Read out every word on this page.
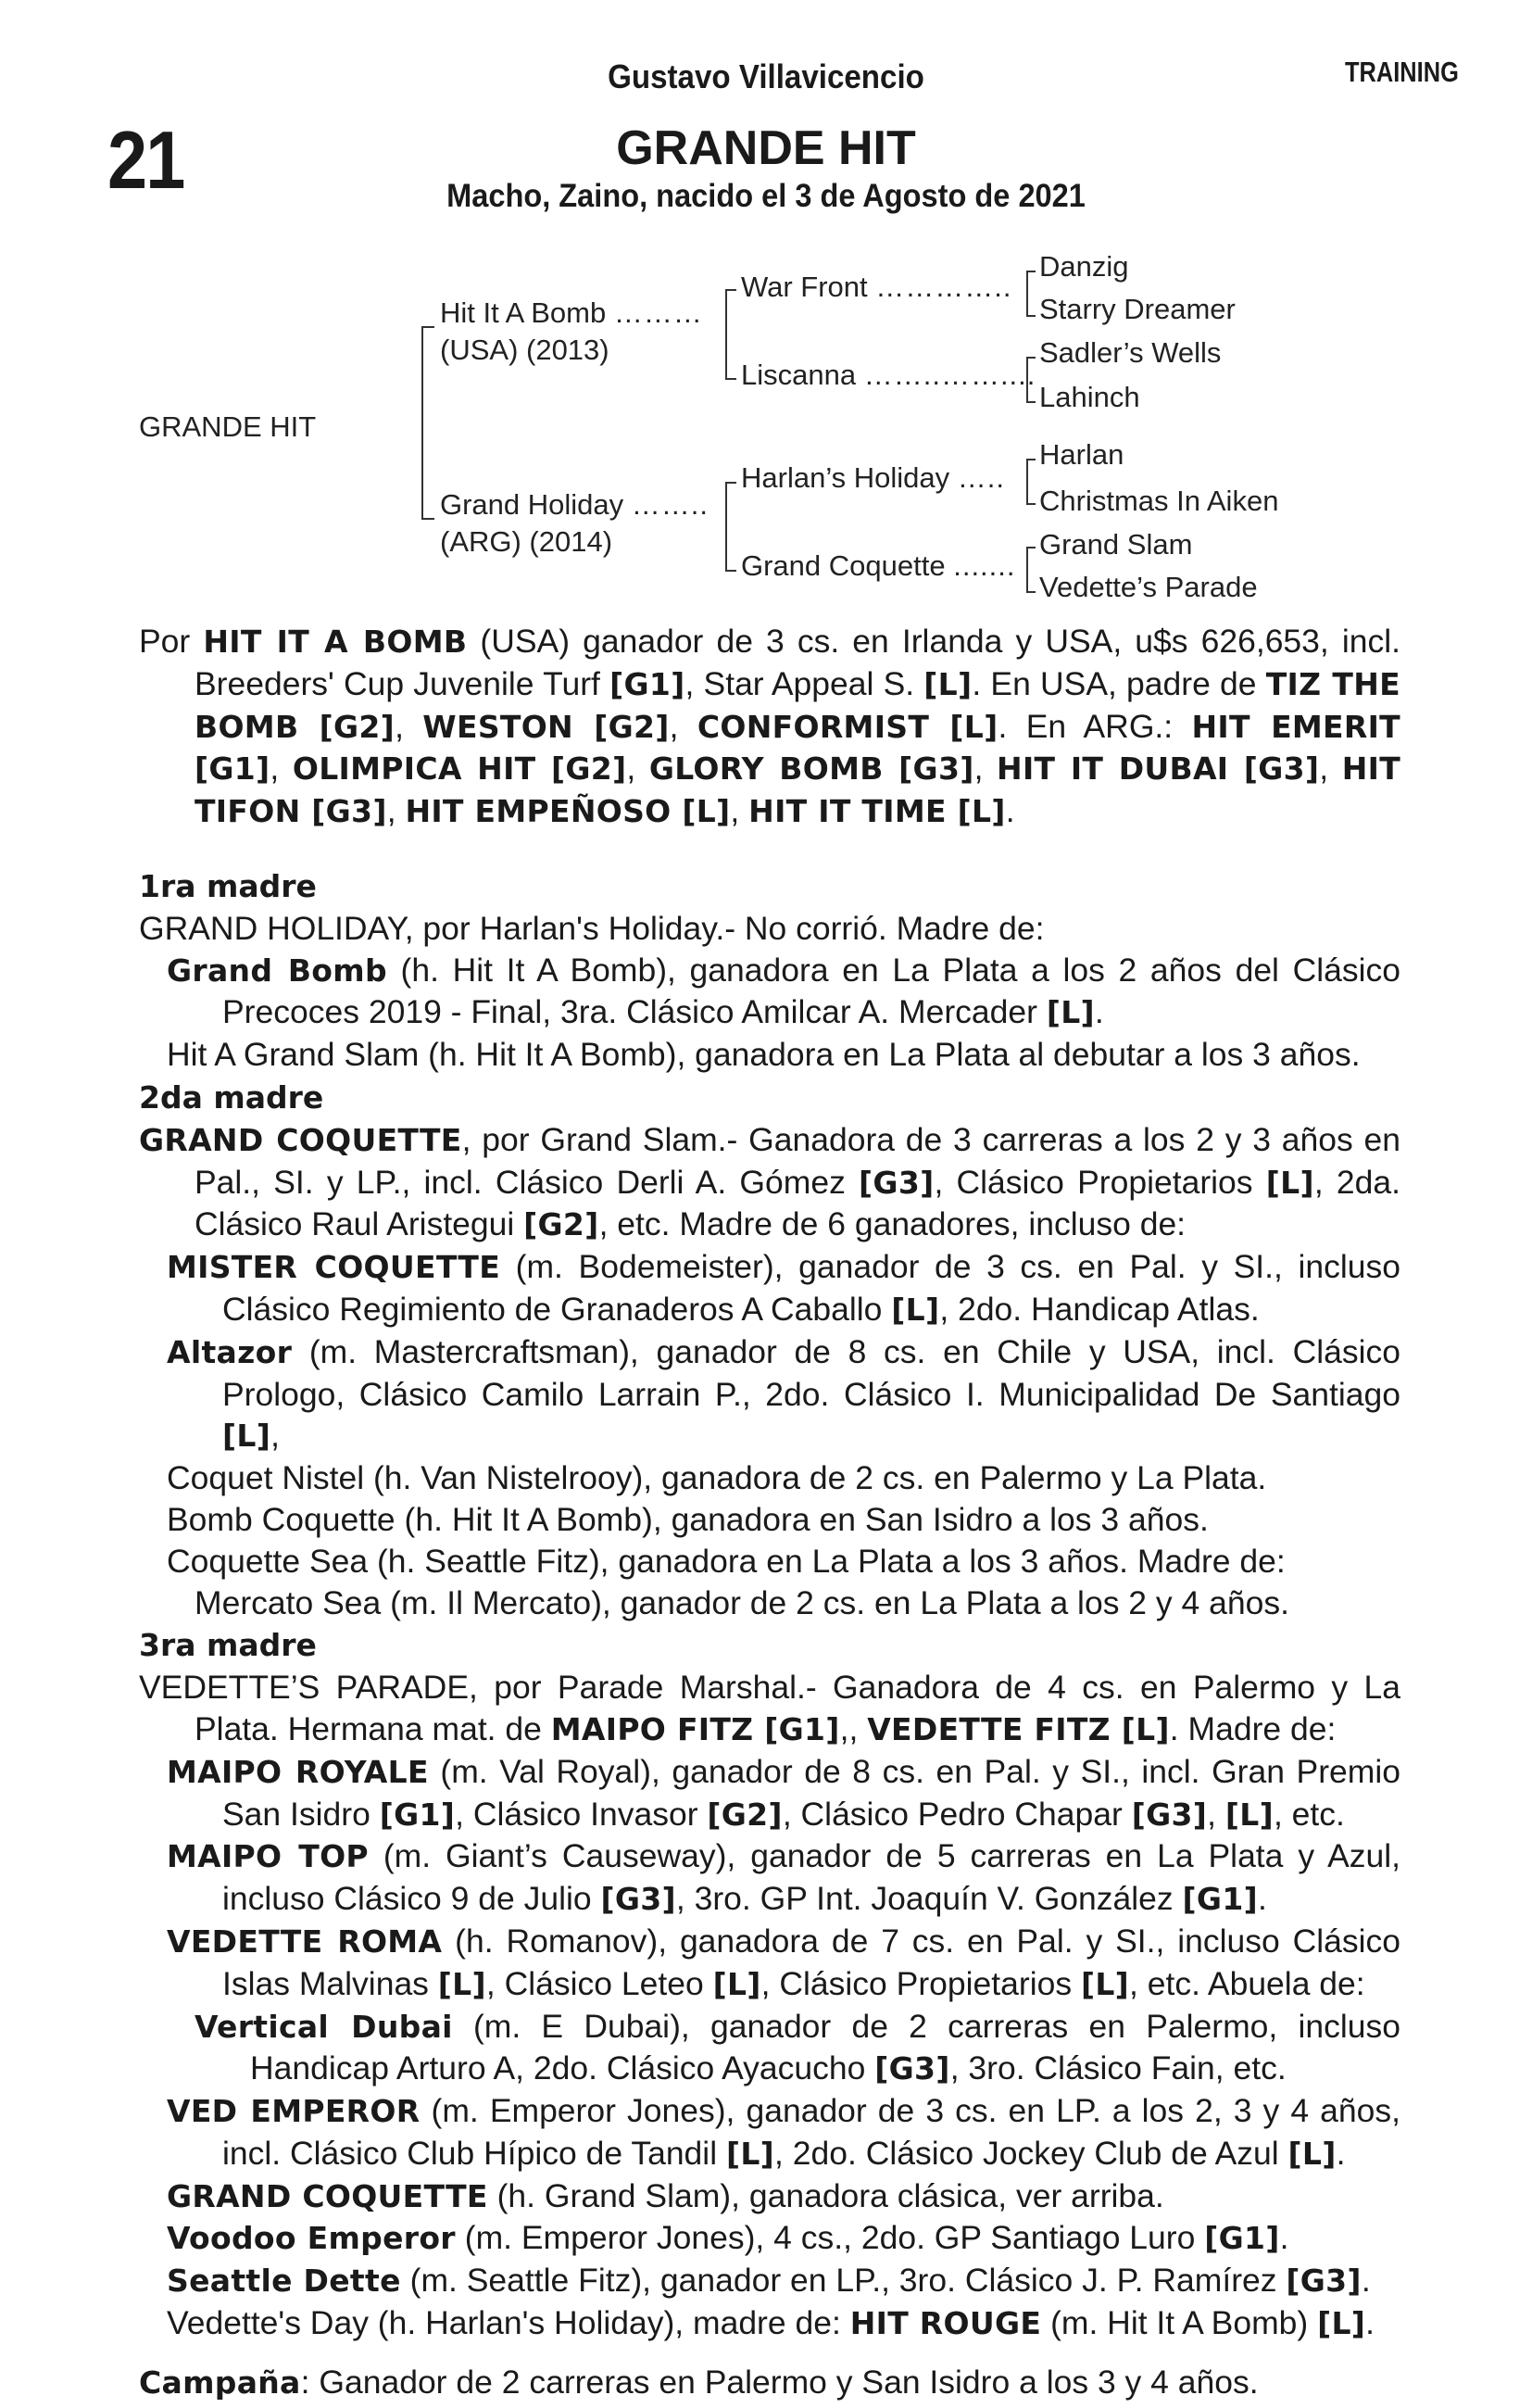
Gustavo Villavicencio	TRAINING
21	GRANDE HIT
Macho, Zaino, nacido el 3 de Agosto de 2021
GRANDE HIT
Hit It A Bomb ………
(USA) (2013)
Grand Holiday ……..
(ARG) (2014)
War Front …………..
Liscanna ……..……....
Harlan’s Holiday …..
Grand Coquette .......
Danzig
Starry Dreamer
Sadler’s Wells
Lahinch
Harlan
Christmas In Aiken
Grand Slam
Vedette’s Parade

Por HIT IT A BOMB (USA) ganador de 3 cs. en Irlanda y USA, u$s 626,653, incl. Breeders' Cup Juvenile Turf [G1], Star Appeal S. [L]. En USA, padre de TIZ THE BOMB [G2], WESTON [G2], CONFORMIST [L]. En ARG.: HIT EMERIT [G1], OLIMPICA HIT [G2], GLORY BOMB [G3], HIT IT DUBAI [G3], HIT TIFON [G3], HIT EMPEÑOSO [L], HIT IT TIME [L].

1ra madre

GRAND HOLIDAY, por Harlan's Holiday.- No corrió. Madre de:

Grand Bomb (h. Hit It A Bomb), ganadora en La Plata a los 2 años del Clásico Precoces 2019 - Final, 3ra. Clásico Amilcar A. Mercader [L].

Hit A Grand Slam (h. Hit It A Bomb), ganadora en La Plata al debutar a los 3 años.

2da madre

GRAND COQUETTE, por Grand Slam.- Ganadora de 3 carreras a los 2 y 3 años en Pal., SI. y LP., incl. Clásico Derli A. Gómez [G3], Clásico Propietarios [L], 2da. Clásico Raul Aristegui [G2], etc. Madre de 6 ganadores, incluso de:

MISTER COQUETTE (m. Bodemeister), ganador de 3 cs. en Pal. y SI., incluso Clásico Regimiento de Granaderos A Caballo [L], 2do. Handicap Atlas.

Altazor (m. Mastercraftsman), ganador de 8 cs. en Chile y USA, incl. Clásico Prologo, Clásico Camilo Larrain P., 2do. Clásico I. Municipalidad De Santiago [L],

Coquet Nistel (h. Van Nistelrooy), ganadora de 2 cs. en Palermo y La Plata.

Bomb Coquette (h. Hit It A Bomb), ganadora en San Isidro a los 3 años.

Coquette Sea (h. Seattle Fitz), ganadora en La Plata a los 3 años. Madre de:

Mercato Sea (m. Il Mercato), ganador de 2 cs. en La Plata a los 2 y 4 años.

3ra madre

VEDETTE’S PARADE, por Parade Marshal.- Ganadora de 4 cs. en Palermo y La Plata. Hermana mat. de MAIPO FITZ [G1],, VEDETTE FITZ [L]. Madre de:

MAIPO ROYALE (m. Val Royal), ganador de 8 cs. en Pal. y SI., incl. Gran Premio San Isidro [G1], Clásico Invasor [G2], Clásico Pedro Chapar [G3], [L], etc.

MAIPO TOP (m. Giant’s Causeway), ganador de 5 carreras en La Plata y Azul, incluso Clásico 9 de Julio [G3], 3ro. GP Int. Joaquín V. González [G1].

VEDETTE ROMA (h. Romanov), ganadora de 7 cs. en Pal. y SI., incluso Clásico Islas Malvinas [L], Clásico Leteo [L], Clásico Propietarios [L], etc. Abuela de:

Vertical Dubai (m. E Dubai), ganador de 2 carreras en Palermo, incluso Handicap Arturo A, 2do. Clásico Ayacucho [G3], 3ro. Clásico Fain, etc.

VED EMPEROR (m. Emperor Jones), ganador de 3 cs. en LP. a los 2, 3 y 4 años, incl. Clásico Club Hípico de Tandil [L], 2do. Clásico Jockey Club de Azul [L].

GRAND COQUETTE (h. Grand Slam), ganadora clásica, ver arriba.

Voodoo Emperor (m. Emperor Jones), 4 cs., 2do. GP Santiago Luro [G1].

Seattle Dette (m. Seattle Fitz), ganador en LP., 3ro. Clásico J. P. Ramírez [G3].

Vedette's Day (h. Harlan's Holiday), madre de: HIT ROUGE (m. Hit It A Bomb) [L].

Campaña: Ganador de 2 carreras en Palermo y San Isidro a los 3 y 4 años.
